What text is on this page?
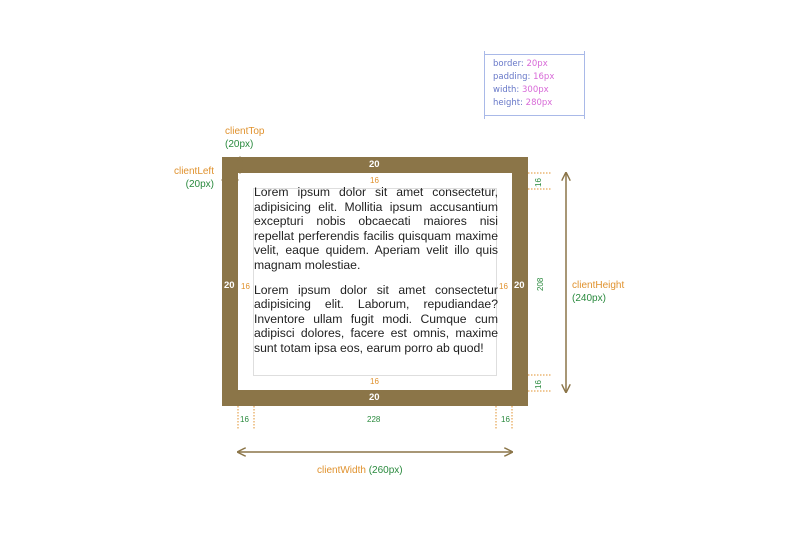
border: 20px
padding: 16px
width: 300px
height: 280px
clientTop
(20px)
clientLeft
(20px)

Lorem ipsum dolor sit amet consectetur, adipisicing elit. Mollitia ipsum accusantium excepturi nobis obcaecati maiores nisi repellat perferendis facilis quisquam maxime velit, eaque quidem. Aperiam velit illo quis magnam molestiae.

Lorem ipsum dolor sit amet consectetur adipisicing elit. Laborum, repudiandae? Inventore ullam fugit modi. Cumque cum adipisci dolores, facere est omnis, maxime sunt totam ipsa eos, earum porro ab quod!

20
20
20	20
16
16
16	16
16
208
16
16	228	16
clientHeight
(240px)
clientWidth (260px)
